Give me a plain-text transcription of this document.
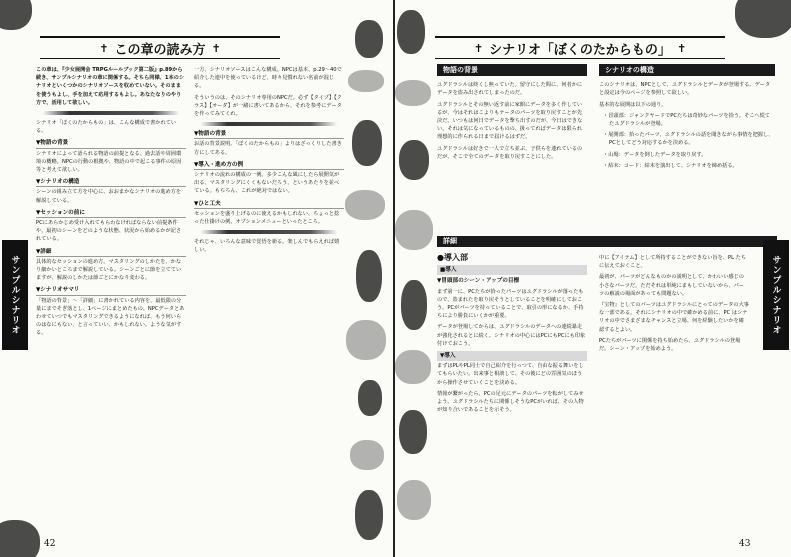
✝ この章の読み方 ✝

この章は、『少女展開会 TRPGルールブック第二版』p.89から続き、サンプルシナリオの章に関係する。そちら同様、1本のシナリオといくつかのシナリオソースを収めていない。そのままを使うもよし、手を加えて応用するもよし。あなたなりのやり方で、活用して欲しい。

シナリオ「ぼくのたからもの」は、こんな構成で書かれている。

▼物語の背景

シナリオによって語られる物語の前提となる、過去話や周囲環境の概略。NPCの行動の根拠や、物語の中で起こる事件の原因等と考えて欲しい。

▼シナリオの構造

シーンの組み立て方を中心に、おおまかなシナリオの進め方を解説している。

▼セッションの前に

PCにあらかじめ受け入れてもらわなければならない前提条件や、最初のシーンをどのような状態、状況から始めるかが記されている。

▼詳細

具体的なセッションの進め方。マスタリングのしかたを、かなり細かいところまで解説している。シーンごとに節を立てていますが、解説のしかたは節ごとにかなり変わる。

▼シナリオサマリ

「物語の背景」～「詳細」に書かれている内容を、最低限の分量にまでそぎ落とし、1ページにまとめたもの。NPCデータとあわせていつでもマスタリングできるようになれば、もう何いらのはなにもない、と言っていい、かもしれない。ような気がする。

一方、シナリオソースはこんな構成。NPCは基本、p.29～40で紹介した連中を使っているけど、時々見慣れない名前が混じる。

そういうのは、そのシナリオ専用のNPCだ。必ず【タイプ】【クラス】【オーダ】が一緒に書いてあるから、それを参考にデータを作ってみてくれ。

▼物語の背景

お話の背景説明。「ぼくのたからもの」よりはざっくりした書き方にしてある。

▼導入・進め方の例

シナリオの流れの構成の一例。多少こんな風にしたら展開気が出る、マスタリングにくくもないだろう、というあたりを並べている。もちろん、これが絶対ではない。

▼ひと工夫

セッションを盛り上げるのに使えるかもしれない、ちょっと捻った仕掛けの例。オプションメニューといったところ。

それじゃ、いろんな意味で覚悟を新る。楽しんでもらえれば嬉しい。

サンプルシナリオ
42
✝ シナリオ「ぼくのたからもの」 ✝
物語の背景

ユグドラシルは終くし無っていた。留守にした間に、何者かにデータを盗み出されてしまったのだ。

ユグドラシルとその無い返す前に家館にデータを多く作しているが、今はそれはこよりもテータのパーツを取り戻すことが先決だ。いつもは何日でデータを撃ち出すのだが、今日はできない。それは気になっているものの、扱ってればデータは限られ理想的に作られる日まで届けるはずだ。

ユグドラシルは好きで一人で立ち並ぶ、子供らを連れているのだが、そこで全てのデータを取り戻すことにした。

シナリオの構造

このシナリオは、NPCとして、ユグドラシルとデータが登場する。データと設定は今のページを参照して欲しい。

基本的な展開は以下の通り。

・冒頭部：ジャンクヤードでPCたちは奇妙なパーツを拾う。そこへ慌てたユグドラシルが登場。

・展開部：拾ったパーツ、ユグドラシルの話を聞きながら事情を把握し、PCとしてどう対応するかを決める。

・山場：データを倒したデータを取り戻す。

・結末：コード：結末を演出して、シナリオを締め括る。

詳細
●導入部
■導入
▼冒頭部のシーン・アップの目標

まず第一に、PCたちが拾ったパーツはユグドラシルが落ったもので、盗まれたを取り戻そうとしていることを明確にしておこう。PCがパーツを持っていることで、取引の形になるか、手持ちにより勝負にいくかが重要。

データが登場してからは、ユグドラシルのデータへの連続暴走が強化されるとに続く。シナリオの中心にはPCにもPCにも印象付けておこう。

▼導入

まずはPLやPL同士で自己紹介を行っつて、自由な振る舞いをしてもらいたい。出来事と相談して、その後にどの雰囲気のほうから操作させていくことを決める。

情報が繋がったら、PCの足元にデータのパーツを転がしてみせよう。ユグドラシルたちに関係しそうなPCがいれば、その人物が知り合いであることを示そう。

中に【アイテム】として所持することができない旨を、PL たちに伝えておくこと。

最初が、パーツがどんなものかの説明として、かわいい感じの小さなパーツだ。ただそれは単純にまもしていないから、パーツの解説の場面があっても問題ない。

『宝物』としてのパーツはユグドラシルにとってのデータの大事な一部である。それにシナリオの中で確かめる前に、PC はシナリオの中でさまざまなチャンスと立場、何を経験したいかを確認するとよい。

PCたちがパーツに関係を持ち始めたら、ユグドラシルの登場だ。シーン・アップを始めよう。

サンプルシナリオ
43
